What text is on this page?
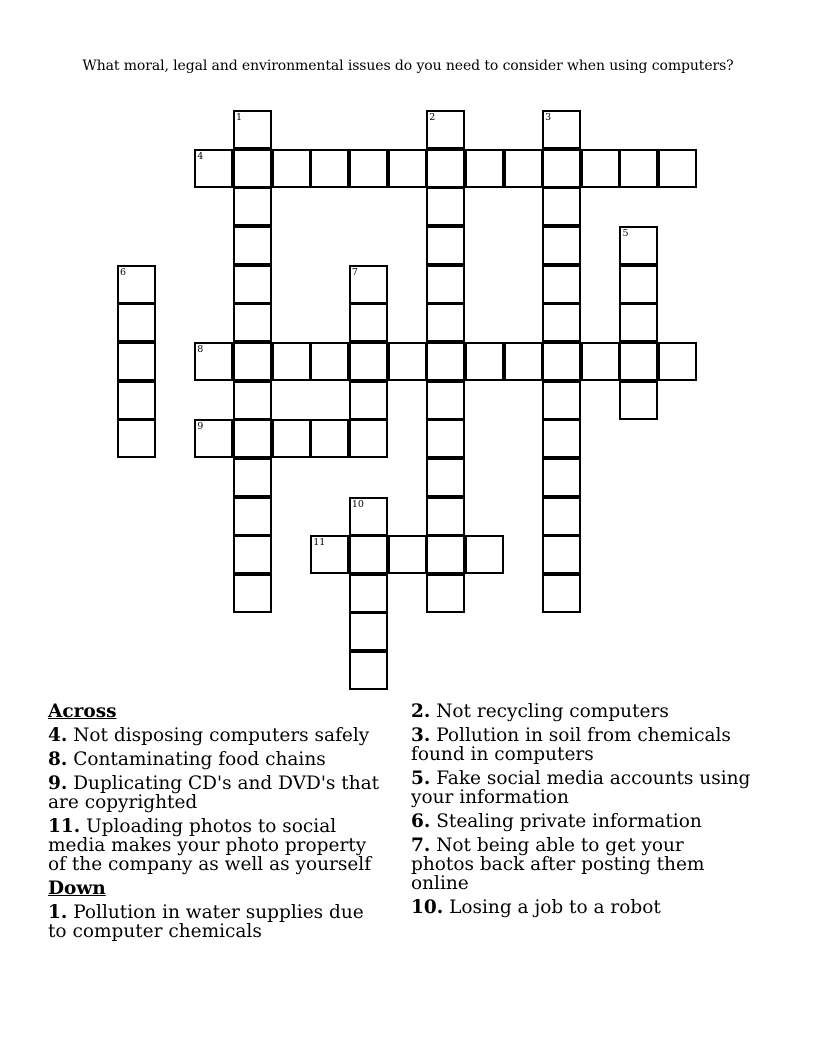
What moral, legal and environmental issues do you need to consider when using computers?
1	2	3
4
5
6	7
8
9
10
11
Across
4. Not disposing computers safely
8. Contaminating food chains
9. Duplicating CD's and DVD's that are copyrighted
11. Uploading photos to social media makes your photo property of the company as well as yourself
Down
1. Pollution in water supplies due to computer chemicals
2. Not recycling computers
3. Pollution in soil from chemicals found in computers
5. Fake social media accounts using your information
6. Stealing private information
7. Not being able to get your photos back after posting them online
10. Losing a job to a robot
